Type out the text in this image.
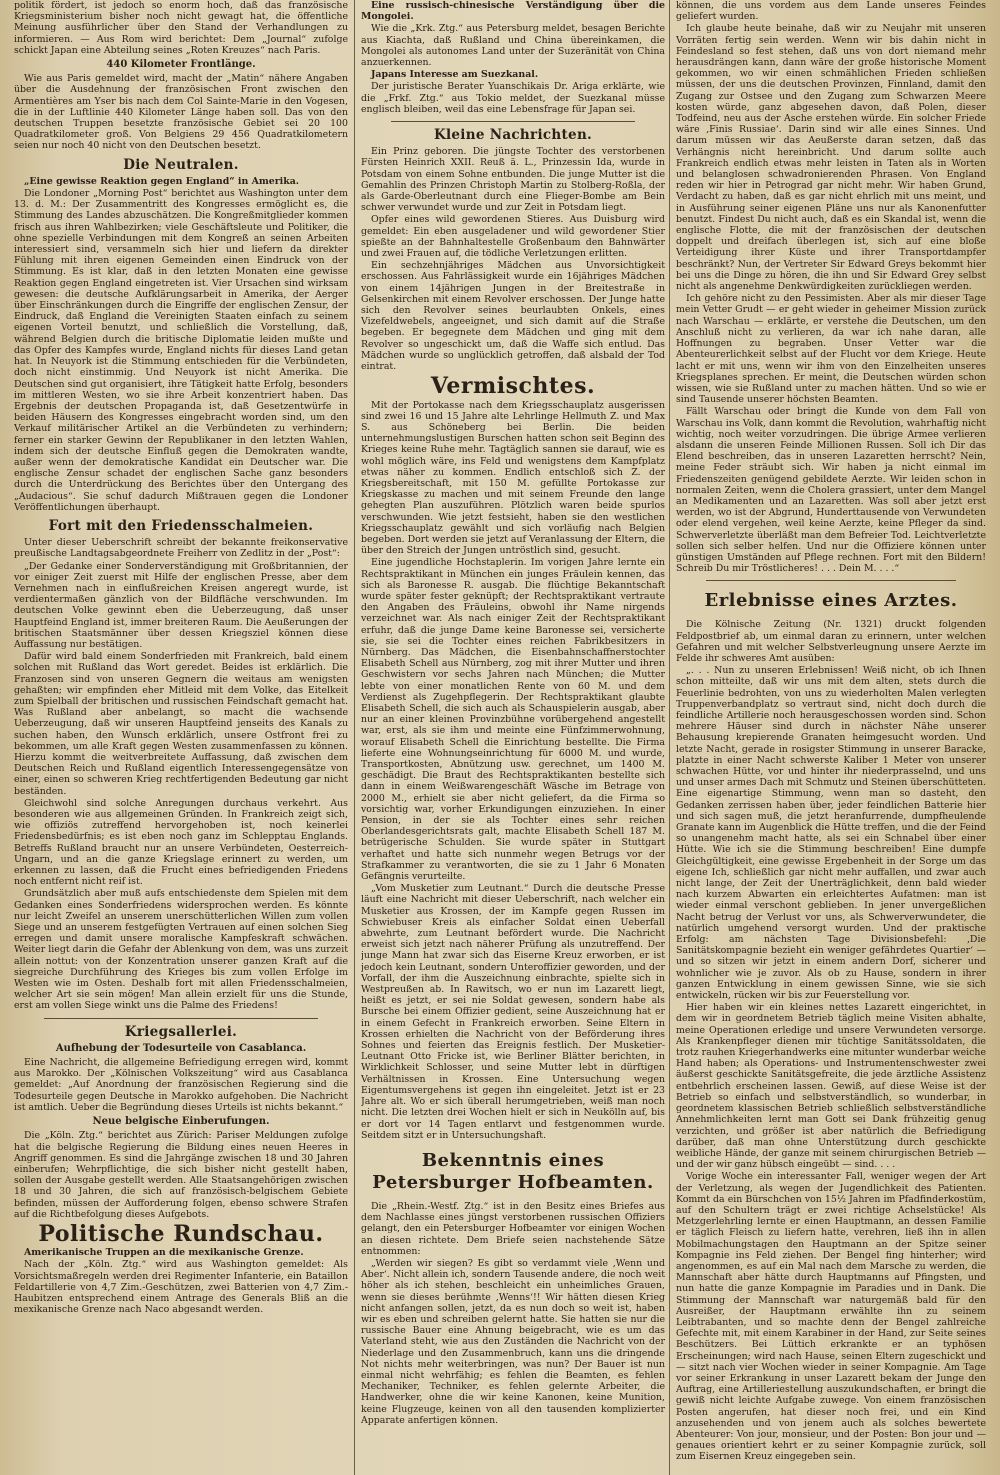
politik fördert, ist jedoch so enorm hoch, daß das französische Kriegsministerium bisher noch nicht gewagt hat, die öffentliche Meinung ausführlicher über den Stand der Verhandlungen zu informieren. — Aus Rom wird berichtet: Dem „Journal“ zufolge schickt Japan eine Abteilung seines „Roten Kreuzes“ nach Paris.

440 Kilometer Frontlänge.

Wie aus Paris gemeldet wird, macht der „Matin“ nähere Angaben über die Ausdehnung der französischen Front zwischen den Armentières am Yser bis nach dem Col Sainte-Marie in den Vogesen, die in der Luftlinie 440 Kilometer Länge haben soll. Das von den deutschen Truppen besetzte französische Gebiet sei 20 100 Quadratkilometer groß. Von Belgiens 29 456 Quadratkilometern seien nur noch 40 nicht von den Deutschen besetzt.

Die Neutralen.

„Eine gewisse Reaktion gegen England“ in Amerika.

Die Londoner „Morning Post“ berichtet aus Washington unter dem 13. d. M.: Der Zusammentritt des Kongresses ermöglicht es, die Stimmung des Landes abzuschätzen. Die Kongreßmitglieder kommen frisch aus ihren Wahlbezirken; viele Geschäftsleute und Politiker, die ohne spezielle Verbindungen mit dem Kongreß an seinen Arbeiten interessiert sind, versammeln sich hier und liefern da direkter Fühlung mit ihren eigenen Gemeinden einen Eindruck von der Stimmung. Es ist klar, daß in den letzten Monaten eine gewisse Reaktion gegen England eingetreten ist. Vier Ursachen sind wirksam gewesen: die deutsche Aufklärungsarbeit in Amerika, der Aerger über Einschränkungen durch die Eingriffe der englischen Zensur, der Eindruck, daß England die Vereinigten Staaten einfach zu seinem eigenen Vorteil benutzt, und schließlich die Vorstellung, daß, während Belgien durch die britische Diplomatie leiden mußte und das Opfer des Kampfes wurde, England nichts für dieses Land getan hat. In Neuyork ist die Stimmung entschieden für die Verbündeten, doch nicht einstimmig. Und Neuyork ist nicht Amerika. Die Deutschen sind gut organisiert, ihre Tätigkeit hatte Erfolg, besonders im mittleren Westen, wo sie ihre Arbeit konzentriert haben. Das Ergebnis der deutschen Propaganda ist, daß Gesetzentwürfe in beiden Häusern des Kongresses eingebracht worden sind, um den Verkauf militärischer Artikel an die Verbündeten zu verhindern; ferner ein starker Gewinn der Republikaner in den letzten Wahlen, indem sich der deutsche Einfluß gegen die Demokraten wandte, außer wenn der demokratische Kandidat ein Deutscher war. Die englische Zensur schadet der englischen Sache ganz besonders durch die Unterdrückung des Berichtes über den Untergang des „Audacious“. Sie schuf dadurch Mißtrauen gegen die Londoner Veröffentlichungen überhaupt.

Fort mit den Friedensschalmeien.

Unter dieser Ueberschrift schreibt der bekannte freikonservative preußische Landtagsabgeordnete Freiherr von Zedlitz in der „Post“:

„Der Gedanke einer Sonderverständigung mit Großbritannien, der vor einiger Zeit zuerst mit Hilfe der englischen Presse, aber dem Vernehmen nach in einflußreichen Kreisen angeregt wurde, ist verdientermaßen gänzlich von der Bildfläche verschwunden. Im deutschen Volke gewinnt eben die Ueberzeugung, daß unser Hauptfeind England ist, immer breiteren Raum. Die Aeußerungen der britischen Staatsmänner über dessen Kriegsziel können diese Auffassung nur bestätigen.

Dafür wird bald einem Sonderfrieden mit Frankreich, bald einem solchen mit Rußland das Wort geredet. Beides ist erklärlich. Die Franzosen sind von unseren Gegnern die weitaus am wenigsten gehaßten; wir empfinden eher Mitleid mit dem Volke, das Eitelkeit zum Spielball der britischen und russischen Feindschaft gemacht hat. Was Rußland aber anbelangt, so macht die wachsende Ueberzeugung, daß wir unseren Hauptfeind jenseits des Kanals zu suchen haben, den Wunsch erklärlich, unsere Ostfront frei zu bekommen, um alle Kraft gegen Westen zusammenfassen zu können. Hierzu kommt die weitverbreitete Auffassung, daß zwischen dem Deutschen Reich und Rußland eigentlich Interessengegensätze von einer, einen so schweren Krieg rechtfertigenden Bedeutung gar nicht beständen.

Gleichwohl sind solche Anregungen durchaus verkehrt. Aus besonderen wie aus allgemeinen Gründen. In Frankreich zeigt sich, wie offiziös zutreffend hervorgehoben ist, noch keinerlei Friedensbedürfnis; es ist eben noch ganz im Schlepptau Englands. Betreffs Rußland braucht nur an unsere Verbündeten, Oesterreich-Ungarn, und an die ganze Kriegslage erinnert zu werden, um erkennen zu lassen, daß die Frucht eines befriedigenden Friedens noch entfernt nicht reif ist.

Grundsätzlich aber muß aufs entschiedenste dem Spielen mit dem Gedanken eines Sonderfriedens widersprochen werden. Es könnte nur leicht Zweifel an unserem unerschütterlichen Willen zum vollen Siege und an unserem festgefügten Vertrauen auf einen solchen Sieg erregen und damit unsere moralische Kampfeskraft schwächen. Weiter liegt darin die Gefahr der Ablenkung von dem, was uns zurzeit allein nottut: von der Konzentration unserer ganzen Kraft auf die siegreiche Durchführung des Krieges bis zum vollen Erfolge im Westen wie im Osten. Deshalb fort mit allen Friedensschalmeien, welcher Art sie sein mögen! Man allein erzielt für uns die Stunde, erst am vollen Siege winkt uns die Palme des Friedens!

Kriegsallerlei.
Aufhebung der Todesurteile von Casablanca.

Eine Nachricht, die allgemeine Befriedigung erregen wird, kommt aus Marokko. Der „Kölnischen Volkszeitung“ wird aus Casablanca gemeldet: „Auf Anordnung der französischen Regierung sind die Todesurteile gegen Deutsche in Marokko aufgehoben. Die Nachricht ist amtlich. Ueber die Begründung dieses Urteils ist nichts bekannt.“

Neue belgische Einberufungen.

Die „Köln. Ztg.“ berichtet aus Zürich: Pariser Meldungen zufolge hat die belgische Regierung die Bildung eines neuen Heeres in Angriff genommen. Es sind die Jahrgänge zwischen 18 und 30 Jahren einberufen; Wehrpflichtige, die sich bisher nicht gestellt haben, sollen der Ausgabe gestellt werden. Alle Staatsangehörigen zwischen 18 und 30 Jahren, die sich auf französisch-belgischem Gebiete befinden, müssen der Aufforderung folgen, ebenso schwere Strafen auf die Richtbefolgung dieses Aufgebots.

Politische Rundschau.

Amerikanische Truppen an die mexikanische Grenze.

Nach der „Köln. Ztg.“ wird aus Washington gemeldet: Als Vorsichtsmaßregeln werden drei Regimenter Infanterie, ein Bataillon Feldartillerie von 4,7 Zim.-Geschützen, zwei Batterien von 4,7 Zim.-Haubitzen entsprechend einem Antrage des Generals Bliß an die mexikanische Grenze nach Naco abgesandt werden.

Eine russisch-chinesische Verständigung über die Mongolei.

Wie die „Krk. Ztg.“ aus Petersburg meldet, besagen Berichte aus Kiachta, daß Rußland und China übereinkamen, die Mongolei als autonomes Land unter der Suzeränität von China anzuerkennen.

Japans Interesse am Suezkanal.

Der juristische Berater Yuanschikais Dr. Ariga erklärte, wie die „Frkf. Ztg.“ aus Tokio meldet, der Suezkanal müsse englisch bleiben, weil das eine Lebensfrage für Japan sei.

Kleine Nachrichten.

Ein Prinz geboren. Die jüngste Tochter des verstorbenen Fürsten Heinrich XXII. Reuß ä. L., Prinzessin Ida, wurde in Potsdam von einem Sohne entbunden. Die junge Mutter ist die Gemahlin des Prinzen Christoph Martin zu Stolberg-Roßla, der als Garde-Oberleutnant durch eine Flieger-Bombe am Bein schwer verwundet wurde und zur Zeit in Potsdam liegt.

Opfer eines wild gewordenen Stieres. Aus Duisburg wird gemeldet: Ein eben ausgeladener und wild gewordener Stier spießte an der Bahnhaltestelle Großenbaum den Bahnwärter und zwei Frauen auf, die tödliche Verletzungen erlitten.

Ein sechzehnjähriges Mädchen aus Unvorsichtigkeit erschossen. Aus Fahrlässigkeit wurde ein 16jähriges Mädchen von einem 14jährigen Jungen in der Breitestraße in Gelsenkirchen mit einem Revolver erschossen. Der Junge hatte sich den Revolver seines beurlaubten Onkels, eines Vizefeldwebels, angeeignet, und sich damit auf die Straße begeben. Er begegnete dem Mädchen und ging mit dem Revolver so ungeschickt um, daß die Waffe sich entlud. Das Mädchen wurde so unglücklich getroffen, daß alsbald der Tod eintrat.

Vermischtes.

Mit der Portokasse nach dem Kriegsschauplatz ausgerissen sind zwei 16 und 15 Jahre alte Lehrlinge Hellmuth Z. und Max S. aus Schöneberg bei Berlin. Die beiden unternehmungslustigen Burschen hatten schon seit Beginn des Krieges keine Ruhe mehr. Tagtäglich sannen sie darauf, wie es wohl möglich wäre, ins Feld und wenigstens dem Kampfplatz etwas näher zu kommen. Endlich entschloß sich Z. der Kriegsbereitschaft, mit 150 M. gefüllte Portokasse zur Kriegskasse zu machen und mit seinem Freunde den lange gehegten Plan auszuführen. Plötzlich waren beide spurlos verschwunden. Wie jetzt festsieht, haben sie den westlichen Kriegsschauplatz gewählt und sich vorläufig nach Belgien begeben. Dort werden sie jetzt auf Veranlassung der Eltern, die über den Streich der Jungen untröstlich sind, gesucht.

Eine jugendliche Hochstaplerin. Im vorigen Jahre lernte ein Rechtspraktikant in München ein junges Fräulein kennen, das sich als Baronesse R. ausgab. Die flüchtige Bekanntschaft wurde später fester geknüpft; der Rechtspraktikant vertraute den Angaben des Fräuleins, obwohl ihr Name nirgends verzeichnet war. Als nach einiger Zeit der Rechtspraktikant erfuhr, daß die junge Dame keine Baronesse sei, versicherte sie, sie sei die Tochter eines reichen Fabrikbesitzers in Nürnberg. Das Mädchen, die Eisenbahnschaffnerstochter Elisabeth Schell aus Nürnberg, zog mit ihrer Mutter und ihren Geschwistern vor sechs Jahren nach München; die Mutter lebte von einer monatlichen Rente von 60 M. und dem Verdienst als Zugehpflegerin. Der Rechtspraktikant glaubte Elisabeth Schell, die sich auch als Schauspielerin ausgab, aber nur an einer kleinen Provinzbühne vorübergehend angestellt war, erst, als sie ihm und meinte eine Fünfzimmerwohnung, worauf Elisabeth Schell die Einrichtung bestellte. Die Firma lieferte eine Wohnungseinrichtung für 6000 M. und wurde, Transportkosten, Abnützung usw. gerechnet, um 1400 M. geschädigt. Die Braut des Rechtspraktikanten bestellte sich dann in einem Weißwarengeschäft Wäsche im Betrage von 2000 M., erhielt sie aber nicht geliefert, da die Firma so vorsichtig war, vorher Erkundigungen einzuziehen. In einer Pension, in der sie als Tochter eines sehr reichen Oberlandesgerichtsrats galt, machte Elisabeth Schell 187 M. betrügerische Schulden. Sie wurde später in Stuttgart verhaftet und hatte sich nunmehr wegen Betrugs vor der Strafkammer zu verantworten, die sie zu 1 Jahr 6 Monaten Gefängnis verurteilte.

„Vom Musketier zum Leutnant.“ Durch die deutsche Presse läuft eine Nachricht mit dieser Ueberschrift, nach welcher ein Musketier aus Krossen, der im Kampfe gegen Russen im Schwiebuser Kreis als einfacher Soldat einen Ueberfall abwehrte, zum Leutnant befördert wurde. Die Nachricht erweist sich jetzt nach näherer Prüfung als unzutreffend. Der junge Mann hat zwar sich das Eiserne Kreuz erworben, er ist jedoch kein Leutnant, sondern Unteroffizier geworden, und der Vorfall, der ihm die Auszeichnung einbrachte, spielte sich in Westpreußen ab. In Rawitsch, wo er nun im Lazarett liegt, heißt es jetzt, er sei nie Soldat gewesen, sondern habe als Bursche bei einem Offizier gedient, seine Auszeichnung hat er in einem Gefecht in Frankreich erworben. Seine Eltern in Krossen erhielten die Nachricht von der Beförderung ihres Sohnes und feierten das Ereignis festlich. Der Musketier-Leutnant Otto Fricke ist, wie Berliner Blätter berichten, in Wirklichkeit Schlosser, und seine Mutter lebt in dürftigen Verhältnissen in Krossen. Eine Untersuchung wegen Eigentumsvergehens ist gegen ihn eingeleitet. Jetzt ist er 23 Jahre alt. Wo er sich überall herumgetrieben, weiß man noch nicht. Die letzten drei Wochen hielt er sich in Neukölln auf, bis er dort vor 14 Tagen entlarvt und festgenommen wurde. Seitdem sitzt er in Untersuchungshaft.

Bekenntnis eines Petersburger Hofbeamten.

Die „Rhein.-Westf. Ztg.“ ist in den Besitz eines Briefes aus dem Nachlasse eines jüngst verstorbenen russischen Offiziers gelangt, den ein Petersburger Hofbeamter vor einigen Wochen an diesen richtete. Dem Briefe seien nachstehende Sätze entnommen:

„Werden wir siegen? Es gibt so verdammt viele ‚Wenn und Aber‘. Nicht allein ich, sondern Tausende andere, die noch weit höher als ich stehen, beschleicht ein unheimliches Grauen, wenn sie dieses berühmte ‚Wenns‘!! Wir hätten diesen Krieg nicht anfangen sollen, jetzt, da es nun doch so weit ist, haben wir es eben und schreiben gelernt hatte. Sie hatten sie nur die russische Bauer eine Ahnung beigebracht, wie es um das Vaterland steht, wie aus den Zuständen die Nachricht von der Niederlage und den Zusammenbruch, kann uns die dringende Not nichts mehr weiterbringen, was nun? Der Bauer ist nun einmal nicht wehrfähig; es fehlen die Beamten, es fehlen Mechaniker, Techniker, es fehlen gelernte Arbeiter, die Handwerker, ohne die wir keine Kanonen, keine Munition, keine Flugzeuge, keinen von all den tausenden komplizierter Apparate anfertigen können.

können, die uns vordem aus dem Lande unseres Feindes geliefert wurden.

Ich glaube heute beinahe, daß wir zu Neujahr mit unseren Vorräten fertig sein werden. Wenn wir bis dahin nicht in Feindesland so fest stehen, daß uns von dort niemand mehr herausdrängen kann, dann wäre der große historische Moment gekommen, wo wir einen schmählichen Frieden schließen müssen, der uns die deutschen Provinzen, Finnland, damit den Zugang zur Ostsee und den Zugang zum Schwarzen Meere kosten würde, ganz abgesehen davon, daß Polen, dieser Todfeind, neu aus der Asche erstehen würde. Ein solcher Friede wäre ‚Finis Russiae‘. Darin sind wir alle eines Sinnes. Und darum müssen wir das Aeußerste daran setzen, daß das Verhängnis nicht hereinbricht. Und darum sollte auch Frankreich endlich etwas mehr leisten in Taten als in Worten und belanglosen schwadronierenden Phrasen. Von England reden wir hier in Petrograd gar nicht mehr. Wir haben Grund, Verdacht zu haben, daß es gar nicht ehrlich mit uns meint, und in Ausführung seiner eigenen Pläne uns nur als Kanonenfutter benutzt. Findest Du nicht auch, daß es ein Skandal ist, wenn die englische Flotte, die mit der französischen der deutschen doppelt und dreifach überlegen ist, sich auf eine bloße Verteidigung ihrer Küste und ihrer Transportdampfer beschränkt? Nun, der Vertreter Sir Edward Greys bekommt hier bei uns die Dinge zu hören, die ihn und Sir Edward Grey selbst nicht als angenehme Denkwürdigkeiten zurückliegen werden.

Ich gehöre nicht zu den Pessimisten. Aber als mir dieser Tage mein Vetter Grudt — er geht wieder in geheimer Mission zurück nach Warschau — erklärte, er verstehe die Deutschen, um den Anschluß nicht zu verlieren, da war ich nahe daran, alle Hoffnungen zu begraben. Unser Vetter war die Abenteurerlichkeit selbst auf der Flucht vor dem Kriege. Heute lacht er mit uns, wenn wir ihm von den Einzelheiten unseres Kriegsplanes sprechen. Er meint, die Deutschen würden schon wissen, wie sie Rußland unter zu machen hätten. Und so wie er sind Tausende unserer höchsten Beamten.

Fällt Warschau oder bringt die Kunde von dem Fall von Warschau ins Volk, dann kommt die Revolution, wahrhaftig nicht wichtig, noch weiter vorzudringen. Die übrige Armee verlieren alsdann die unseren Feinde Millionen Russen. Soll ich Dir das Elend beschreiben, das in unseren Lazaretten herrscht? Nein, meine Feder sträubt sich. Wir haben ja nicht einmal im Friedenszeiten genügend gebildete Aerzte. Wir leiden schon in normalen Zeiten, wenn die Cholera grassiert, unter dem Mangel an Medikamenten und an Lazaretten. Was soll aber jetzt erst werden, wo ist der Abgrund, Hunderttausende von Verwundeten oder elend vergehen, weil keine Aerzte, keine Pfleger da sind. Schwerverletzte überläßt man dem Befreier Tod. Leichtverletzte sollen sich selber helfen. Und nur die Offiziere können unter günstigen Umständen auf Pflege rechnen. Fort mit den Bildern! Schreib Du mir Tröstlicheres! . . . Dein M. . . .“

Erlebnisse eines Arztes.

Die Kölnische Zeitung (Nr. 1321) druckt folgenden Feldpostbrief ab, um einmal daran zu erinnern, unter welchen Gefahren und mit welcher Selbstverleugnung unsere Aerzte im Felde ihr schweres Amt ausüben:

„. . . Nun zu unseren Erlebnissen! Weiß nicht, ob ich Ihnen schon mitteilte, daß wir uns mit dem alten, stets durch die Feuerlinie bedrohten, von uns zu wiederholten Malen verlegten Truppenverbandplatz so vertraut sind, nicht doch durch die feindliche Artillerie noch herausgeschossen worden sind. Schon mehrere Häuser sind durch in nächster Nähe unserer Behausung krepierende Granaten heimgesucht worden. Und letzte Nacht, gerade in rosigster Stimmung in unserer Baracke, platzte in einer Nacht schwerste Kaliber 1 Meter von unserer schwachen Hütte, vor und hinter ihr niederprasselnd, und uns und unser armes Dach mit Schmutz und Steinen überschütteten. Eine eigenartige Stimmung, wenn man so dasteht, den Gedanken zerrissen haben über, jeder feindlichen Batterie hier und sich sagen muß, die jetzt heranfurrende, dumpfheulende Granate kann im Augenblick die Hütte treffen, und die der Feind so unangenehm macht hatte, als sei ein Schnabel über einer Hütte. Wie ich sie die Stimmung beschreiben! Eine dumpfe Gleichgültigkeit, eine gewisse Ergebenheit in der Sorge um das eigene Ich, schließlich gar nicht mehr auffallen, und zwar auch nicht lange, der Zeit der Unerträglichkeit, denn bald wieder nach kurzem Abwarten ein erleichtertes Aufatmen: man ist wieder einmal verschont geblieben. In jener unvergeßlichen Nacht betrug der Verlust vor uns, als Schwerverwundeter, die natürlich umgehend versorgt wurden. Und der praktische Erfolg: am nächsten Tage Divisionsbefehl: ‚Die Sanitätskompagnie bezieht ein weniger gefährdetes Quartier‘ — und so sitzen wir jetzt in einem andern Dorf, sicherer und wohnlicher wie je zuvor. Als ob zu Hause, sondern in ihrer ganzen Entwicklung in einem gewissen Sinne, wie sie sich entwickeln, rücken wir bis zur Feuerstellung vor.

Hier haben wir ein kleines nettes Lazarett eingerichtet, in dem wir in geordnetem Betrieb täglich meine Visiten abhalte, meine Operationen erledige und unsere Verwundeten versorge. Als Krankenpfleger dienen mir tüchtige Sanitätssoldaten, die trotz rauhen Kriegerhandwerks eine mitunter wunderbar weiche Hand haben; als Operations- und Instrumentenschwester zwei äußerst geschickte Sanitätsgefreite, die jede ärztliche Assistenz entbehrlich erscheinen lassen. Gewiß, auf diese Weise ist der Betrieb so einfach und selbstverständlich, so wunderbar, in geordnetem klassischen Betrieb schließlich selbstverständliche Annehmlichkeiten lernt man Gott sei Dank frühzeitig genug verzichten, und größer ist aber natürlich die Befriedigung darüber, daß man ohne Unterstützung durch geschickte weibliche Hände, der ganze mit seinem chirurgischen Betrieb — und der wir ganz hübsch eingeübt — sind. . . .

Vorige Woche ein interessanter Fall, weniger wegen der Art der Verletzung, als wegen der Jugendlichkeit des Patienten. Kommt da ein Bürschchen von 15½ Jahren im Pfadfinderkostüm, auf den Schultern trägt er zwei richtige Achselstücke! Als Metzgerlehrling lernte er einen Hauptmann, an dessen Familie er täglich Fleisch zu liefern hatte, verehren, ließ ihn in allen Mobilmachungstagen den Hauptmann an der Spitze seiner Kompagnie ins Feld ziehen. Der Bengel fing hinterher; wird angenommen, es auf ein Mal nach dem Marsche zu werden, die Mannschaft aber hätte durch Hauptmanns auf Pfingsten, und nun hatte die ganze Kompagnie im Paradies und in Dank. Die Stimmung der Mannschaft war naturgemäß bald für den Ausreißer, der Hauptmann erwählte ihn zu seinem Leibtrabanten, und so machte denn der Bengel zahlreiche Gefechte mit, mit einem Karabiner in der Hand, zur Seite seines Beschützers. Bei Lüttich erkrankte er an typhösen Erscheinungen; wird nach Hause, seinen Eltern zugeschickt und — sitzt nach vier Wochen wieder in seiner Kompagnie. Am Tage vor seiner Erkrankung in unser Lazarett bekam der Junge den Auftrag, eine Artilleriestellung auszukundschaften, er bringt die gewiß nicht leichte Aufgabe zuwege. Von einem französischen Posten angerufen, hat dieser noch frei, und ein Kind anzusehenden und von jenem auch als solches bewertete Abenteurer: Von jour, monsieur, und der Posten: Bon jour und — genaues orientiert kehrt er zu seiner Kompagnie zurück, soll zum Eisernen Kreuz eingegeben sein.
